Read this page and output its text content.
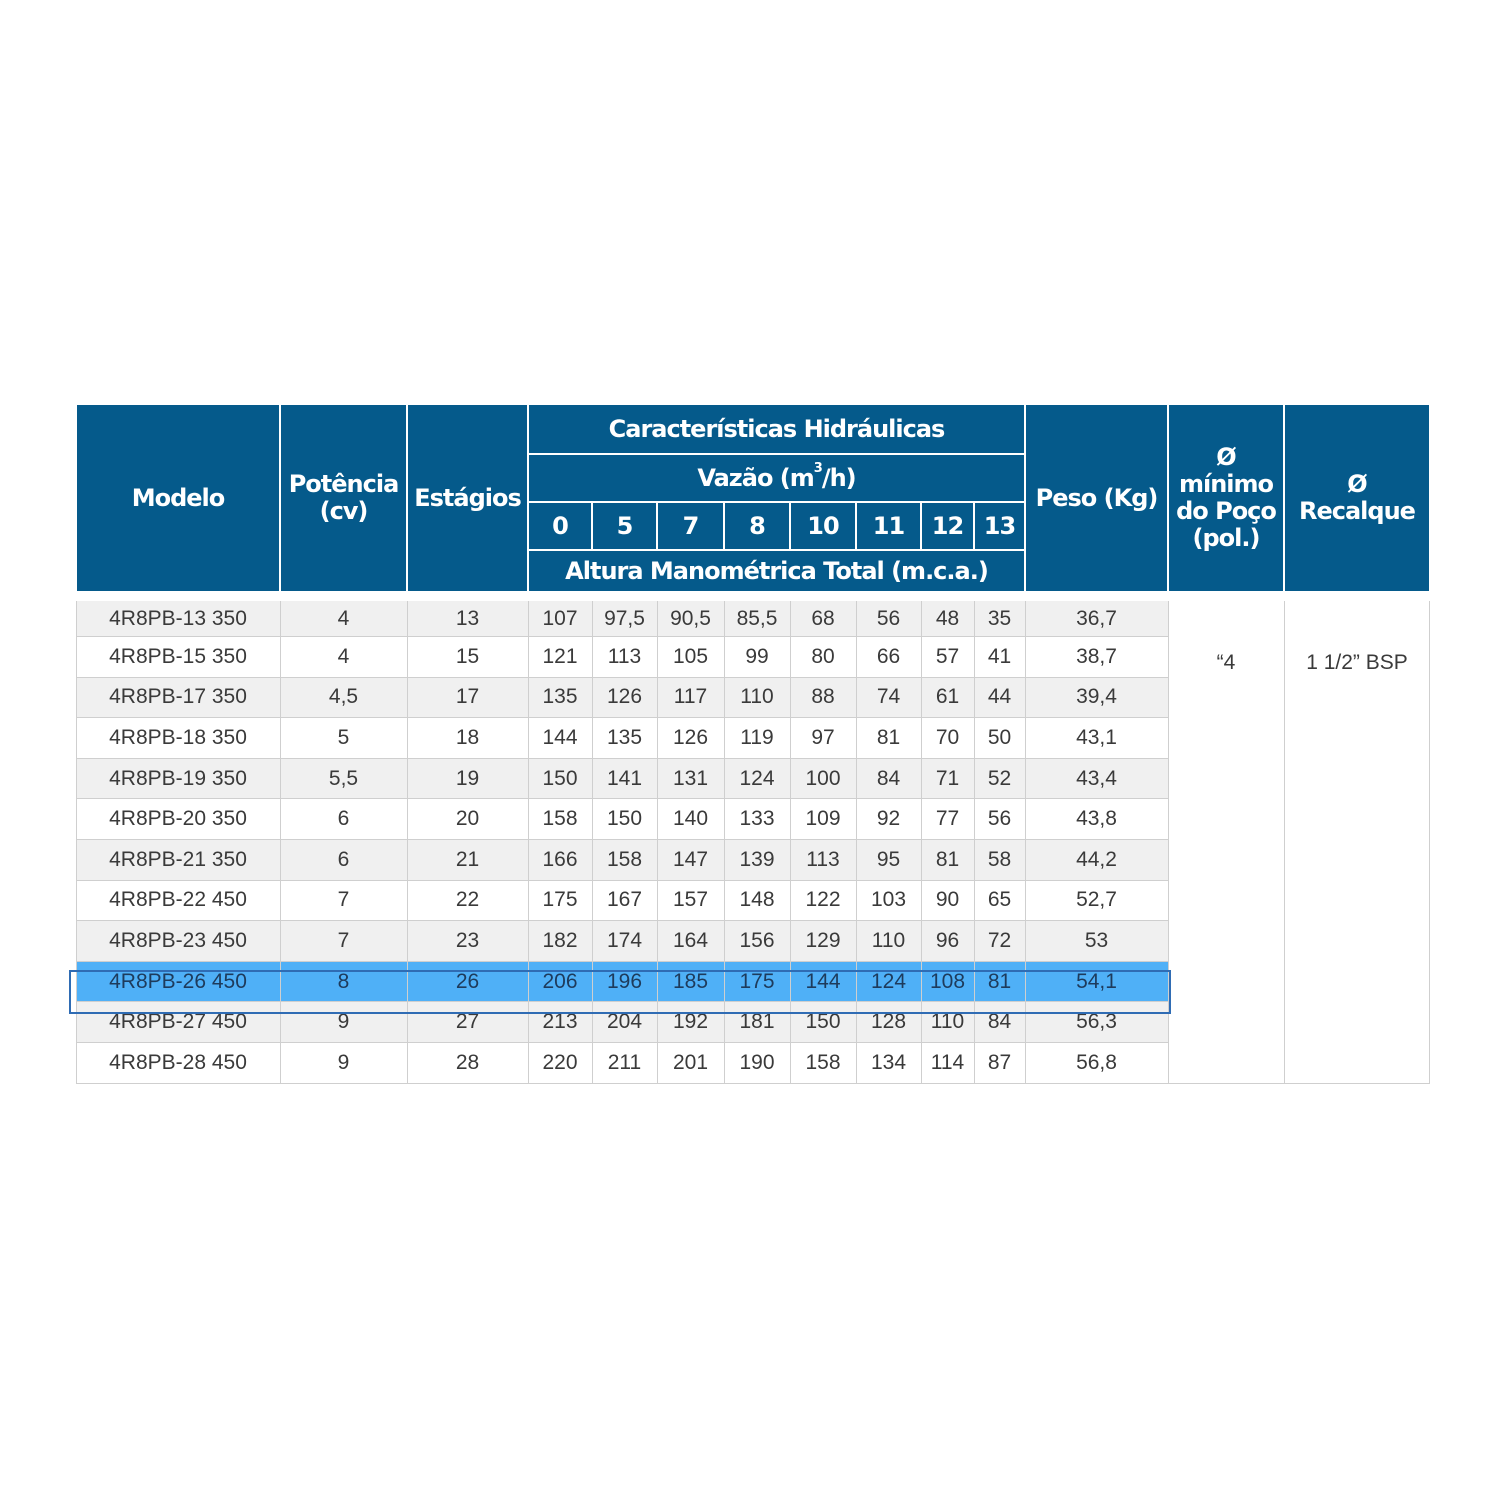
Modelo	Potência (cv)	Estágios	Características Hidráulicas								Peso (Kg)	Ø mínimo do Poço (pol.)	Ø Recalque
			Vazão $(m^3/h)$										
			0	5	7	8	10	11	12	13			
			Altura Manométrica Total (m.c.a.)										
4R8PB-13 350	4	13	107	97,5	90,5	85,5	68	56	48	35	36,7	“4	1 1/2” BSP
4R8PB-15 350	4	15	121	113	105	99	80	66	57	41	38,7		
4R8PB-17 350	4,5	17	135	126	117	110	88	74	61	44	39,4		
4R8PB-18 350	5	18	144	135	126	119	97	81	70	50	43,1		
4R8PB-19 350	5,5	19	150	141	131	124	100	84	71	52	43,4		
4R8PB-20 350	6	20	158	150	140	133	109	92	77	56	43,8		
4R8PB-21 350	6	21	166	158	147	139	113	95	81	58	44,2		
4R8PB-22 450	7	22	175	167	157	148	122	103	90	65	52,7		
4R8PB-23 450	7	23	182	174	164	156	129	110	96	72	53		
4R8PB-26 450	8	26	206	196	185	175	144	124	108	81	54,1		
4R8PB-27 450	9	27	213	204	192	181	150	128	110	84	56,3		
4R8PB-28 450	9	28	220	211	201	190	158	134	114	87	56,8		
